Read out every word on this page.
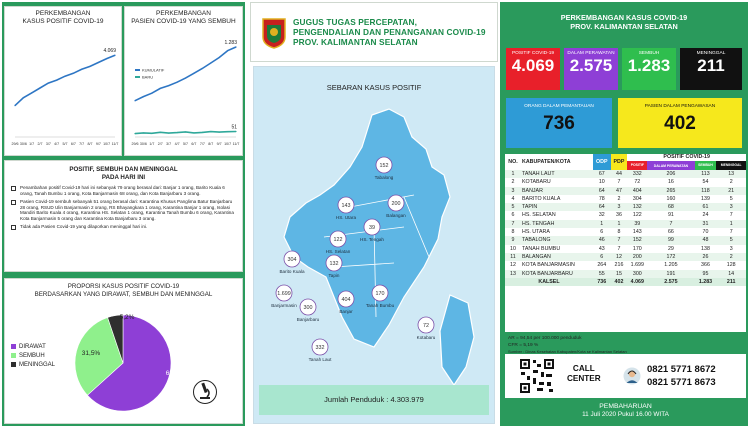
PERKEMBANGAN
KASUS POSITIF COVID-19
29/6 30/6 1/7 2/7 3/7 4/7 5/7 6/7 7/7 8/7 9/7 10/7 11/7
4.069
PERKEMBANGAN
PASIEN COVID-19 YANG SEMBUH
29/6 30/6 1/7 2/7 3/7 4/7 5/7 6/7 7/7 8/7 9/7 10/7 11/7
1.283
51
KUMULATIF
BARU
POSITIF, SEMBUH DAN MENINGGAL
PADA HARI INI
Penambahan positif Covid-19 hari ini sebanyak 79 orang berasal dari: Banjar 1 orang, Barito Kuala 6 orang, Tanah Bumbu 1 orang, Kota Banjarmasin 68 orang, dan Kota Banjarbaru 3 orang.
Pasien Covid-19 sembuh sebanyak 51 orang berasal dari: Karantina Khusus Panglima Batur Banjarbaru 28 orang, RSUD Ulin Banjarmasin 2 orang, RS Bhayangkara 1 orang, Karantina Banjar 1 orang, Isolasi Mandiri Barito Kuala 4 orang, Karantina HS. Selatan 1 orang, Karantina Tanah Bumbu 6 orang, Karantina Kota Banjarmasin 5 orang dan Karantina Kota Banjarbaru 3 orang.
Tidak ada Pasien Covid-19 yang dilaporkan meninggal hari ini.
PROPORSI KASUS POSITIF COVID-19
BERDASARKAN YANG DIRAWAT, SEMBUH DAN MENINGGAL
DIRAWAT
SEMBUH
MENINGGAL
63,3%
31,5%
5,2%
GUGUS TUGAS PERCEPATAN,
PENGENDALIAN DAN PENANGANAN COVID-19
PROV. KALIMANTAN SELATAN
SEBARAN KASUS POSITIF
152
Tabalong
143
HS. Utara
200
Balangan
39
HS. Tengah
122
HS. Selatan
304
Barito Kuala
132
Tapin
1.699
Banjarmasin 300
Banjarbaru
404
Banjar
170
Tanah Bumbu
72
Kotabaru
332
Tanah Laut
Jumlah Penduduk : 4.303.979
PERKEMBANGAN KASUS COVID-19
PROV. KALIMANTAN SELATAN
POSITIF COVID-19
4.069
DALAM PERAWATAN
2.575
SEMBUH
1.283
MENINGGAL
211
ORANG DALAM PEMANTAUAN
736
PASIEN DALAM PENGAWASAN
402
NO.	KABUPATEN/KOTA	ODP	PDP	POSITIF COVID-19			
				POSITIF	DALAM PERAWATAN	SEMBUH	MENINGGAL
1	TANAH LAUT	67	44	332	206	113	13
2	KOTABARU	10	7	72	16	54	2
3	BANJAR	64	47	404	265	118	21
4	BARITO KUALA	78	2	304	160	139	5
5	TAPIN	64	3	132	68	61	3
6	HS. SELATAN	32	36	122	91	24	7
7	HS. TENGAH	1	1	39	7	31	1
8	HS. UTARA	6	8	143	66	70	7
9	TABALONG	46	7	152	99	48	5
10	TANAH BUMBU	43	7	170	29	138	3
11	BALANGAN	6	12	200	172	26	2
12	KOTA BANJARMASIN	264	216	1.699	1.205	366	128
13	KOTA BANJARBARU	55	15	300	191	95	14
KALSEL		736	402	4.069	2.575	1.283	211
AR = 94,54 per 100.000 penduduk
CFR = 5,19 %
Sumber : Dinas Kesehatan Kabupaten/Kota se Kalimantan Selatan
CALL
CENTER
0821 5771 8672
0821 5771 8673
PEMBAHARUAN
11 Juli 2020 Pukul 16.00 WITA
